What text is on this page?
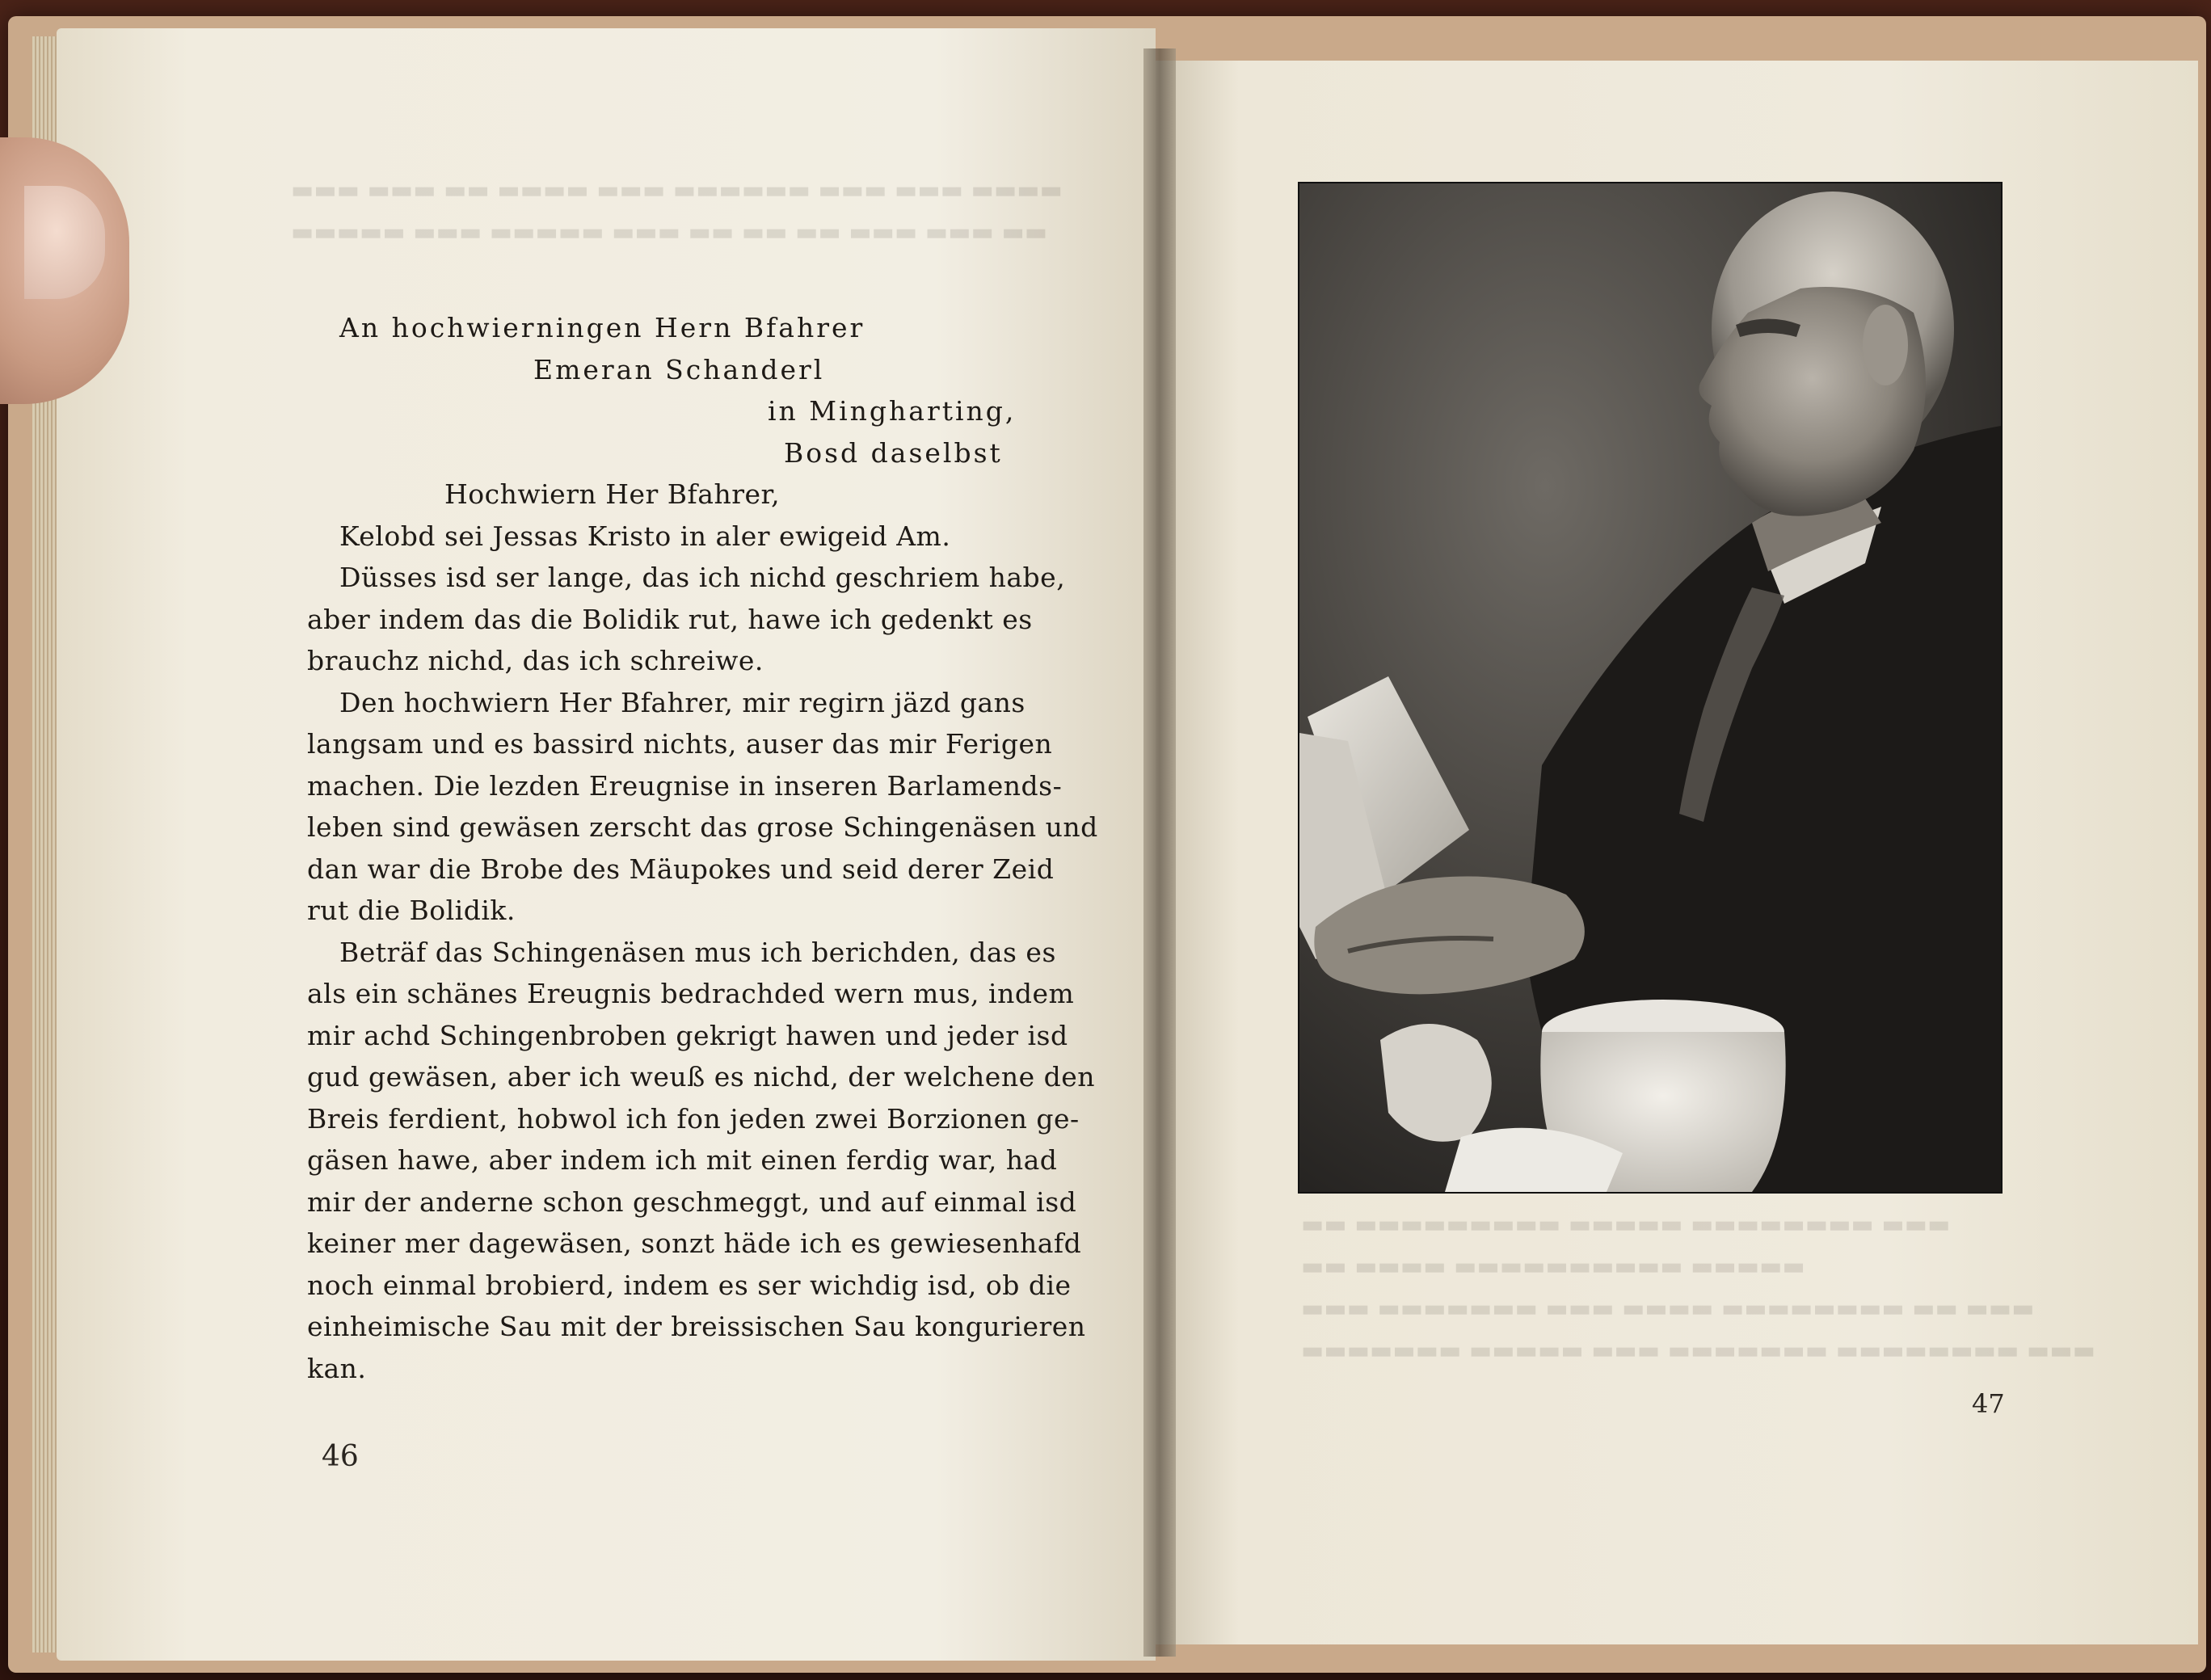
▬▬▬ ▬▬▬ ▬▬ ▬▬▬▬ ▬▬▬ ▬▬▬▬▬▬ ▬▬▬ ▬▬▬ ▬▬▬▬
▬▬▬▬▬ ▬▬▬ ▬▬▬▬▬ ▬▬▬ ▬▬ ▬▬ ▬▬ ▬▬▬ ▬▬▬ ▬▬
▬▬ ▬▬▬▬▬▬▬▬▬ ▬▬▬▬▬ ▬▬▬▬▬▬▬▬ ▬▬▬
▬▬ ▬▬▬▬ ▬▬▬▬▬▬▬▬▬▬ ▬▬▬▬▬
▬▬▬ ▬▬▬▬▬▬▬ ▬▬▬ ▬▬▬▬ ▬▬▬▬▬▬▬▬ ▬▬ ▬▬▬
▬▬▬▬▬▬▬ ▬▬▬▬▬ ▬▬▬ ▬▬▬▬▬▬▬ ▬▬▬▬▬▬▬▬ ▬▬▬
An hochwierningen Hern Bfahrer
Emeran Schanderl
in Mingharting,
Bosd daselbst
Hochwiern Her Bfahrer,
Kelobd sei Jessas Kristo in aler ewigeid Am.
Düsses isd ser lange, das ich nichd geschriem habe,
aber indem das die Bolidik rut, hawe ich gedenkt es
brauchz nichd, das ich schreiwe.
Den hochwiern Her Bfahrer, mir regirn jäzd gans
langsam und es bassird nichts, auser das mir Ferigen
machen. Die lezden Ereugnise in inseren Barlamends-
leben sind gewäsen zerscht das grose Schingenäsen und
dan war die Brobe des Mäupokes und seid derer Zeid
rut die Bolidik.
Beträf das Schingenäsen mus ich berichden, das es
als ein schänes Ereugnis bedrachded wern mus, indem
mir achd Schingenbroben gekrigt hawen und jeder isd
gud gewäsen, aber ich weuß es nichd, der welchene den
Breis ferdient, hobwol ich fon jeden zwei Borzionen ge-
gäsen hawe, aber indem ich mit einen ferdig war, had
mir der anderne schon geschmeggt, und auf einmal isd
keiner mer dagewäsen, sonzt häde ich es gewiesenhafd
noch einmal brobierd, indem es ser wichdig isd, ob die
einheimische Sau mit der breissischen Sau kongurieren
kan.
46
47
